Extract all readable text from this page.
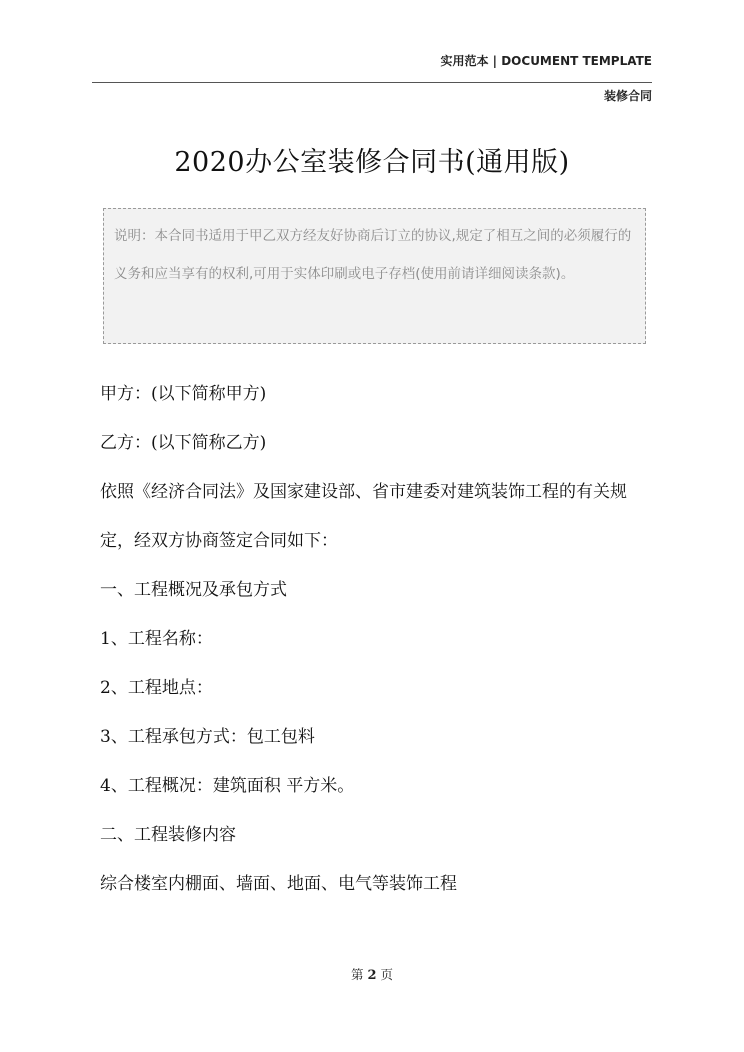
实用范本 | DOCUMENT TEMPLATE
装修合同
2020办公室装修合同书(通用版)
说明：本合同书适用于甲乙双方经友好协商后订立的协议,规定了相互之间的必须履行的义务和应当享有的权利,可用于实体印刷或电子存档(使用前请详细阅读条款)。

甲方：(以下简称甲方)

乙方：(以下简称乙方)

依照《经济合同法》及国家建设部、省市建委对建筑装饰工程的有关规定，经双方协商签定合同如下：

一、工程概况及承包方式

1、工程名称：

2、工程地点：

3、工程承包方式：包工包料

4、工程概况：建筑面积 平方米。

二、工程装修内容

综合楼室内棚面、墙面、地面、电气等装饰工程

第 2 页
